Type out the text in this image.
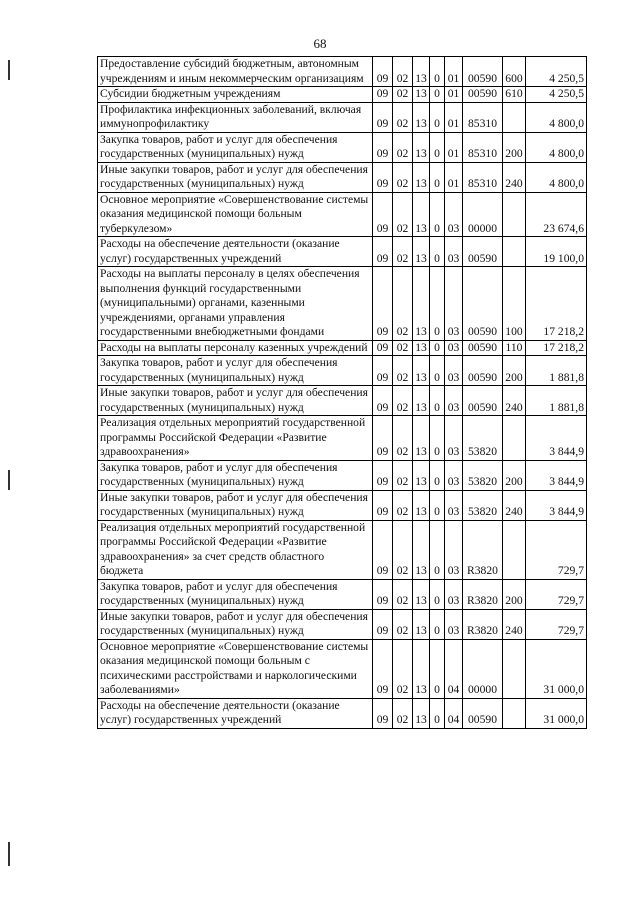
68
Предоставление субсидий бюджетным, автономным учреждениям и иным некоммерческим организациям	09	02	13	0	01	00590	600	4 250,5
Субсидии бюджетным учреждениям	09	02	13	0	01	00590	610	4 250,5
Профилактика инфекционных заболеваний, включая иммунопрофилактику	09	02	13	0	01	85310		4 800,0
Закупка товаров, работ и услуг для обеспечения государственных (муниципальных) нужд	09	02	13	0	01	85310	200	4 800,0
Иные закупки товаров, работ и услуг для обеспечения государственных (муниципальных) нужд	09	02	13	0	01	85310	240	4 800,0
Основное мероприятие «Совершенствование системы оказания медицинской помощи больным туберкулезом»	09	02	13	0	03	00000		23 674,6
Расходы на обеспечение деятельности (оказание услуг) государственных учреждений	09	02	13	0	03	00590		19 100,0
Расходы на выплаты персоналу в целях обеспечения выполнения функций государственными (муниципальными) органами, казенными учреждениями, органами управления государственными внебюджетными фондами	09	02	13	0	03	00590	100	17 218,2
Расходы на выплаты персоналу казенных учреждений	09	02	13	0	03	00590	110	17 218,2
Закупка товаров, работ и услуг для обеспечения государственных (муниципальных) нужд	09	02	13	0	03	00590	200	1 881,8
Иные закупки товаров, работ и услуг для обеспечения государственных (муниципальных) нужд	09	02	13	0	03	00590	240	1 881,8
Реализация отдельных мероприятий государственной программы Российской Федерации «Развитие здравоохранения»	09	02	13	0	03	53820		3 844,9
Закупка товаров, работ и услуг для обеспечения государственных (муниципальных) нужд	09	02	13	0	03	53820	200	3 844,9
Иные закупки товаров, работ и услуг для обеспечения государственных (муниципальных) нужд	09	02	13	0	03	53820	240	3 844,9
Реализация отдельных мероприятий государственной программы Российской Федерации «Развитие здравоохранения» за счет средств областного бюджета	09	02	13	0	03	R3820		729,7
Закупка товаров, работ и услуг для обеспечения государственных (муниципальных) нужд	09	02	13	0	03	R3820	200	729,7
Иные закупки товаров, работ и услуг для обеспечения государственных (муниципальных) нужд	09	02	13	0	03	R3820	240	729,7
Основное мероприятие «Совершенствование системы оказания медицинской помощи больным с психическими расстройствами и наркологическими заболеваниями»	09	02	13	0	04	00000		31 000,0
Расходы на обеспечение деятельности (оказание услуг) государственных учреждений	09	02	13	0	04	00590		31 000,0
